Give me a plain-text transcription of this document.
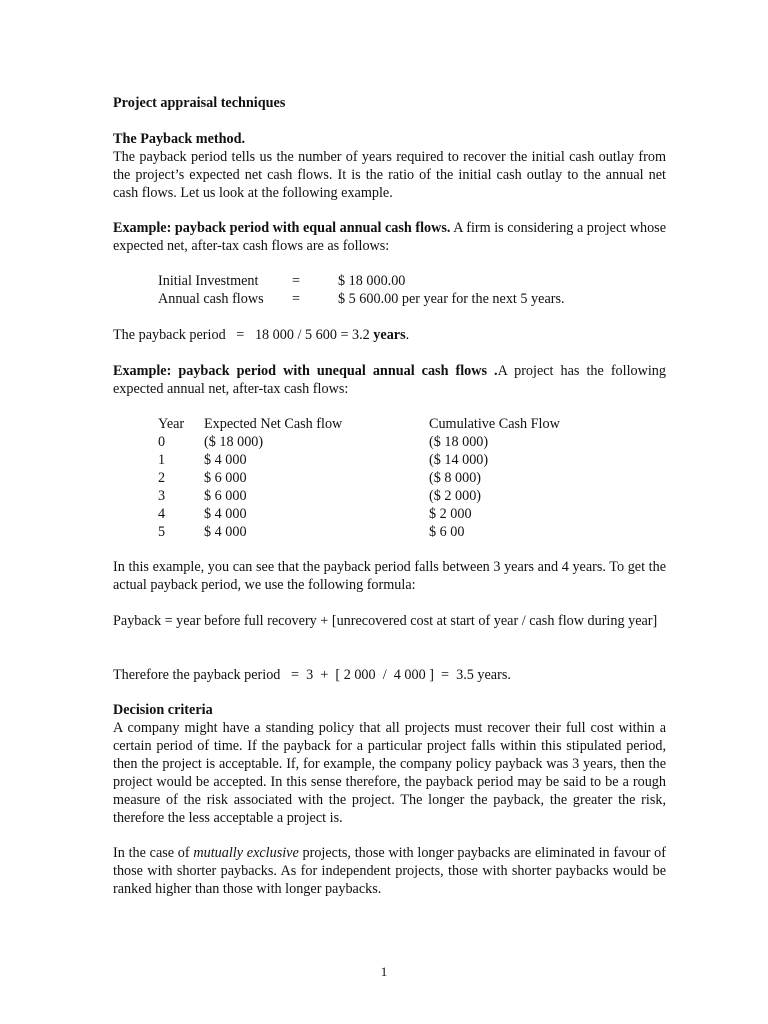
Project appraisal techniques

The Payback method.

The payback period tells us the number of years required to recover the initial cash outlay from the project’s expected net cash flows. It is the ratio of the initial cash outlay to the annual net cash flows. Let us look at the following example.

Example: payback period with equal annual cash flows. A firm is considering a project whose expected net, after-tax cash flows are as follows:

Initial Investment =	$ 18 000.00
Annual cash flows =	$ 5 600.00 per year for the next 5 years.

The payback period   =   18 000 / 5 600 = 3.2 years.

Example: payback period with unequal annual cash flows .A project has the following expected annual net, after-tax cash flows:

Year Expected Net Cash flow	Cumulative Cash Flow
0	($ 18 000)	($ 18 000)
1	$ 4 000	($ 14 000)
2	$ 6 000	($ 8 000)
3	$ 6 000	($ 2 000)
4	$ 4 000	$ 2 000
5	$ 4 000	$ 6 00

In this example, you can see that the payback period falls between 3 years and 4 years. To get the actual payback period, we use the following formula:

Payback = year before full recovery + [unrecovered cost at start of year / cash flow during year]

Therefore the payback period   =  3  +  [ 2 000  /  4 000 ]  =  3.5 years.

Decision criteria

A company might have a standing policy that all projects must recover their full cost within a certain period of time. If the payback for a particular project falls within this stipulated period, then the project is acceptable. If, for example, the company policy payback was 3 years, then the project would be accepted. In this sense therefore, the payback period may be said to be a rough measure of the risk associated with the project. The longer the payback, the greater the risk, therefore the less acceptable a project is.

In the case of mutually exclusive projects, those with longer paybacks are eliminated in favour of those with shorter paybacks. As for independent projects, those with shorter paybacks would be ranked higher than those with longer paybacks.

1
